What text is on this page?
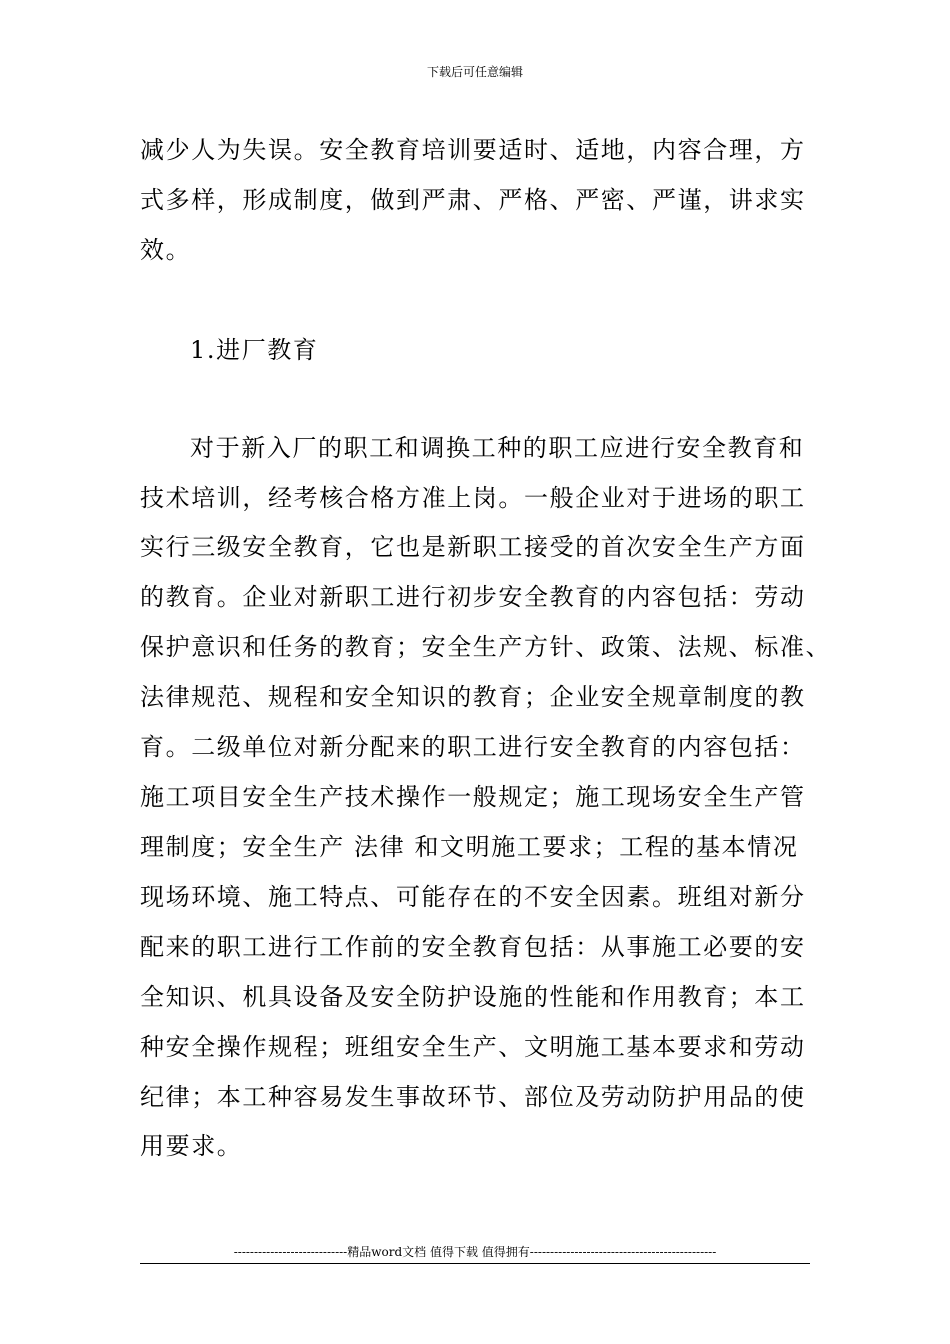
下载后可任意编辑
减少人为失误。安全教育培训要适时、适地，内容合理，方
式多样，形成制度，做到严肃、严格、严密、严谨，讲求实
效。
1.进厂教育
对于新入厂的职工和调换工种的职工应进行安全教育和
技术培训，经考核合格方准上岗。一般企业对于进场的职工
实行三级安全教育，它也是新职工接受的首次安全生产方面
的教育。企业对新职工进行初步安全教育的内容包括：劳动
保护意识和任务的教育；安全生产方针、政策、法规、标准、
法律规范、规程和安全知识的教育；企业安全规章制度的教
育。二级单位对新分配来的职工进行安全教育的内容包括：
施工项目安全生产技术操作一般规定；施工现场安全生产管
理制度；安全生产 法律 和文明施工要求；工程的基本情况
现场环境、施工特点、可能存在的不安全因素。班组对新分
配来的职工进行工作前的安全教育包括：从事施工必要的安
全知识、机具设备及安全防护设施的性能和作用教育；本工
种安全操作规程；班组安全生产、文明施工基本要求和劳动
纪律；本工种容易发生事故环节、部位及劳动防护用品的使
用要求。
----------------------------精品word文档 值得下载 值得拥有----------------------------------------------
